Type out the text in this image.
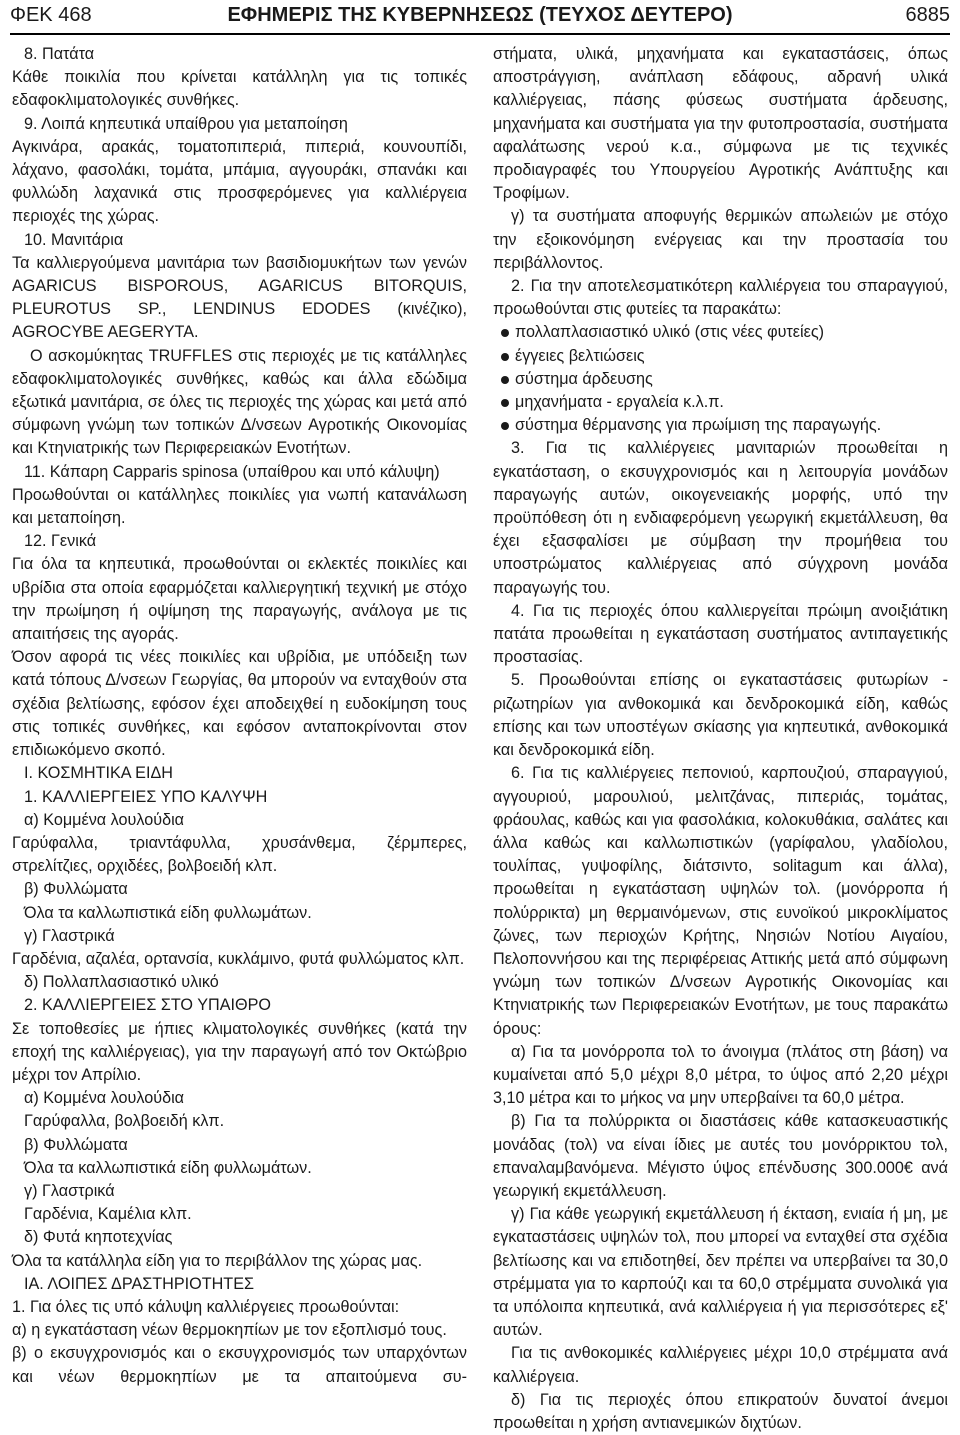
ΦΕΚ 468	ΕΦΗΜΕΡΙΣ ΤΗΣ ΚΥΒΕΡΝΗΣΕΩΣ (ΤΕΥΧΟΣ ΔΕΥΤΕΡΟ)	6885

8. Πατάτα

Κάθε ποικιλία που κρίνεται κατάλληλη για τις τοπικές εδαφοκλιματολογικές συνθήκες.

9. Λοιπά κηπευτικά υπαίθρου για μεταποίηση

Αγκινάρα, αρακάς, τοματοπιπεριά, πιπεριά, κουνουπίδι, λάχανο, φασολάκι, τομάτα, μπάμια, αγγουράκι, σπανάκι και φυλλώδη λαχανικά στις προσφερόμενες για καλλιέργεια περιοχές της χώρας.

10. Μανιτάρια

Τα καλλιεργούμενα μανιτάρια των βασιδιομυκήτων των γενών AGARICUS BISPOROUS, AGARICUS BITORQUIS, PLEUROTUS SP., LENDINUS EDODES (κινέζικο), AGROCYBE AEGERYTA.

Ο ασκομύκητας TRUFFLES στις περιοχές με τις κατάλληλες εδαφοκλιματολογικές συνθήκες, καθώς και άλλα εδώδιμα εξωτικά μανιτάρια, σε όλες τις περιοχές της χώρας και μετά από σύμφωνη γνώμη των τοπικών Δ/νσεων Αγροτικής Οικονομίας και Κτηνιατρικής των Περιφερειακών Ενοτήτων.

11. Κάπαρη Capparis spinosa (υπαίθρου και υπό κάλυψη)

Προωθούνται οι κατάλληλες ποικιλίες για νωπή κατανάλωση και μεταποίηση.

12. Γενικά

Για όλα τα κηπευτικά, προωθούνται οι εκλεκτές ποικιλίες και υβρίδια στα οποία εφαρμόζεται καλλιεργητική τεχνική με στόχο την πρωίμηση ή οψίμηση της παραγωγής, ανάλογα με τις απαιτήσεις της αγοράς.

Όσον αφορά τις νέες ποικιλίες και υβρίδια, με υπόδειξη των κατά τόπους Δ/νσεων Γεωργίας, θα μπορούν να ενταχθούν στα σχέδια βελτίωσης, εφόσον έχει αποδειχθεί η ευδοκίμηση τους στις τοπικές συνθήκες, και εφόσον ανταποκρίνονται στον επιδιωκόμενο σκοπό.

Ι. ΚΟΣΜΗΤΙΚΑ ΕΙΔΗ

1. ΚΑΛΛΙΕΡΓΕΙΕΣ ΥΠΟ ΚΑΛΥΨΗ

α) Κομμένα λουλούδια

Γαρύφαλλα, τριαντάφυλλα, χρυσάνθεμα, ζέρμπερες, στρελίτζιες, ορχιδέες, βολβοειδή κλπ.

β) Φυλλώματα

Όλα τα καλλωπιστικά είδη φυλλωμάτων.

γ) Γλαστρικά

Γαρδένια, αζαλέα, ορτανσία, κυκλάμινο, φυτά φυλλώματος κλπ.

δ) Πολλαπλασιαστικό υλικό

2. ΚΑΛΛΙΕΡΓΕΙΕΣ ΣΤΟ ΥΠΑΙΘΡΟ

Σε τοποθεσίες με ήπιες κλιματολογικές συνθήκες (κατά την εποχή της καλλιέργειας), για την παραγωγή από τον Οκτώβριο μέχρι τον Απρίλιο.

α) Κομμένα λουλούδια

Γαρύφαλλα, βολβοειδή κλπ.

β) Φυλλώματα

Όλα τα καλλωπιστικά είδη φυλλωμάτων.

γ) Γλαστρικά

Γαρδένια, Καμέλια κλπ.

δ) Φυτά κηποτεχνίας

Όλα τα κατάλληλα είδη για το περιβάλλον της χώρας μας.

ΙΑ. ΛΟΙΠΕΣ ΔΡΑΣΤΗΡΙΟΤΗΤΕΣ

1. Για όλες τις υπό κάλυψη καλλιέργειες προωθούνται:

α) η εγκατάσταση νέων θερμοκηπίων με τον εξοπλισμό τους.

β) ο εκσυγχρονισμός και ο εκσυγχρονισμός των υπαρχόντων και νέων θερμοκηπίων με τα απαιτούμενα συ-

στήματα, υλικά, μηχανήματα και εγκαταστάσεις, όπως αποστράγγιση, ανάπλαση εδάφους, αδρανή υλικά καλλιέργειας, πάσης φύσεως συστήματα άρδευσης, μηχανήματα και συστήματα για την φυτοπροστασία, συστήματα αφαλάτωσης νερού κ.α., σύμφωνα με τις τεχνικές προδιαγραφές του Υπουργείου Αγροτικής Ανάπτυξης και Τροφίμων.

γ) τα συστήματα αποφυγής θερμικών απωλειών με στόχο την εξοικονόμηση ενέργειας και την προστασία του περιβάλλοντος.

2. Για την αποτελεσματικότερη καλλιέργεια του σπαραγγιού, προωθούνται στις φυτείες τα παρακάτω:

πολλαπλασιαστικό υλικό (στις νέες φυτείες)

έγγειες βελτιώσεις

σύστημα άρδευσης

μηχανήματα - εργαλεία κ.λ.π.

σύστημα θέρμανσης για πρωίμιση της παραγωγής.

3. Για τις καλλιέργειες μανιταριών προωθείται η εγκατάσταση, ο εκσυγχρονισμός και η λειτουργία μονάδων παραγωγής αυτών, οικογενειακής μορφής, υπό την προϋπόθεση ότι η ενδιαφερόμενη γεωργική εκμετάλλευση, θα έχει εξασφαλίσει με σύμβαση την προμήθεια του υποστρώματος καλλιέργειας από σύγχρονη μονάδα παραγωγής του.

4. Για τις περιοχές όπου καλλιεργείται πρώιμη ανοιξιάτικη πατάτα προωθείται η εγκατάσταση συστήματος αντιπαγετικής προστασίας.

5. Προωθούνται επίσης οι εγκαταστάσεις φυτωρίων - ριζωτηρίων για ανθοκομικά και δενδροκομικά είδη, καθώς επίσης και των υποστέγων σκίασης για κηπευτικά, ανθοκομικά και δενδροκομικά είδη.

6. Για τις καλλιέργειες πεπονιού, καρπουζιού, σπαραγγιού, αγγουριού, μαρουλιού, μελιτζάνας, πιπεριάς, τομάτας, φράουλας, καθώς και για φασολάκια, κολοκυθάκια, σαλάτες και άλλα καθώς και καλλωπιστικών (γαρίφαλου, γλαδίολου, τουλίπας, γυψοφίλης, διάτσιντο, solitagum και άλλα), προωθείται η εγκατάσταση υψηλών τολ. (μονόρροπα ή πολύρρικτα) μη θερμαινόμενων, στις ευνοϊκού μικροκλίματος ζώνες, των περιοχών Κρήτης, Νησιών Νοτίου Αιγαίου, Πελοποννήσου και της περιφέρειας Αττικής μετά από σύμφωνη γνώμη των τοπικών Δ/νσεων Αγροτικής Οικονομίας και Κτηνιατρικής των Περιφερειακών Ενοτήτων, με τους παρακάτω όρους:

α) Για τα μονόρροπα τολ το άνοιγμα (πλάτος στη βάση) να κυμαίνεται από 5,0 μέχρι 8,0 μέτρα, το ύψος από 2,20 μέχρι 3,10 μέτρα και το μήκος να μην υπερβαίνει τα 60,0 μέτρα.

β) Για τα πολύρρικτα οι διαστάσεις κάθε κατασκευαστικής μονάδας (τολ) να είναι ίδιες με αυτές του μονόρρικτου τολ, επαναλαμβανόμενα. Μέγιστο ύψος επένδυσης 300.000€ ανά γεωργική εκμετάλλευση.

γ) Για κάθε γεωργική εκμετάλλευση ή έκταση, ενιαία ή μη, με εγκαταστάσεις υψηλών τολ, που μπορεί να ενταχθεί στα σχέδια βελτίωσης και να επιδοτηθεί, δεν πρέπει να υπερβαίνει τα 30,0 στρέμματα για το καρπούζι και τα 60,0 στρέμματα συνολικά για τα υπόλοιπα κηπευτικά, ανά καλλιέργεια ή για περισσότερες εξ' αυτών.

Για τις ανθοκομικές καλλιέργειες μέχρι 10,0 στρέμματα ανά καλλιέργεια.

δ) Για τις περιοχές όπου επικρατούν δυνατοί άνεμοι προωθείται η χρήση αντιανεμικών διχτύων.
